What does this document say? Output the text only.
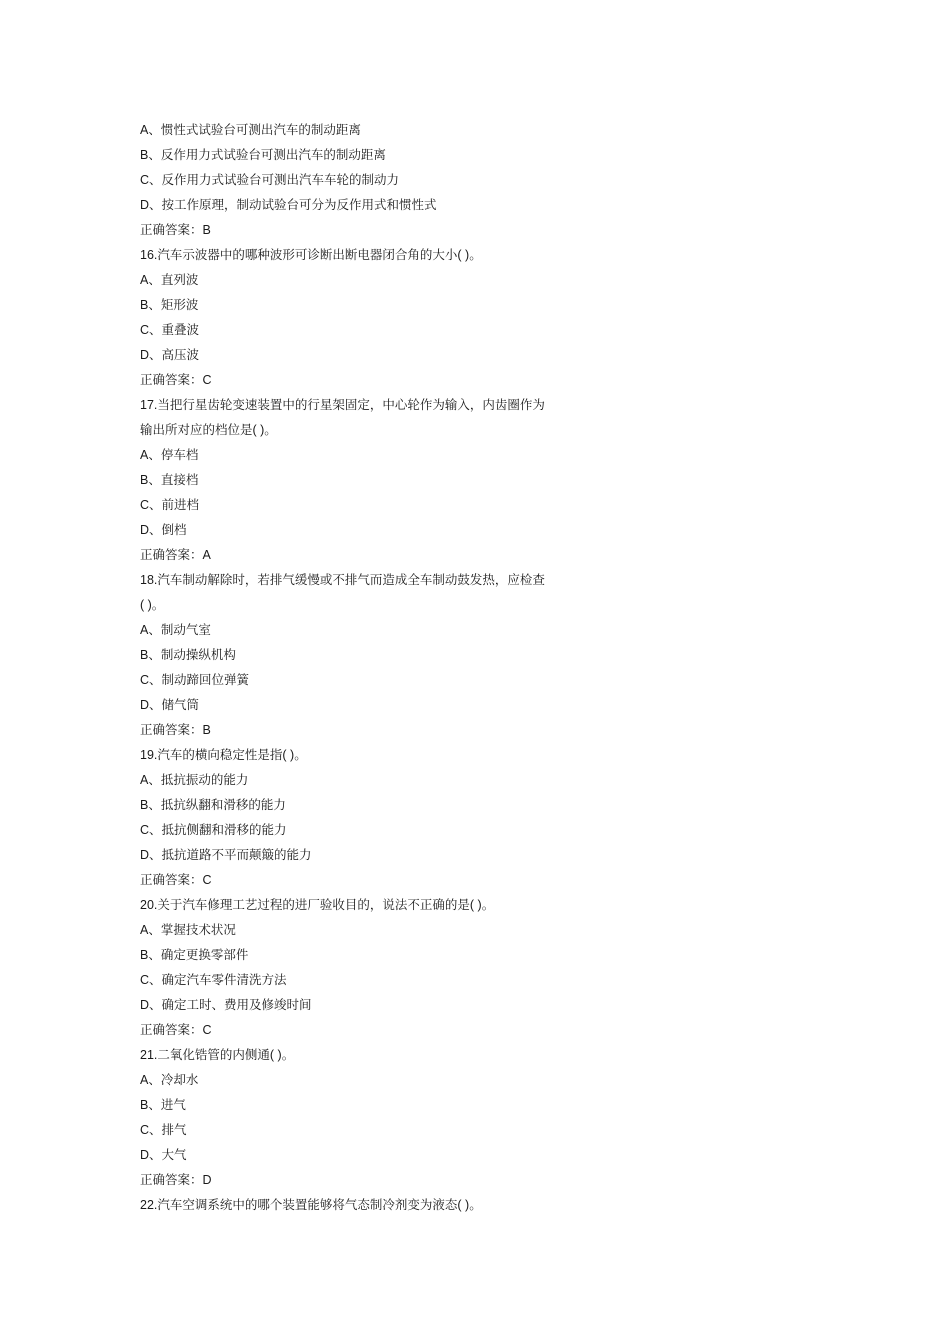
A、惯性式试验台可测出汽车的制动距离
B、反作用力式试验台可测出汽车的制动距离
C、反作用力式试验台可测出汽车车轮的制动力
D、按工作原理，制动试验台可分为反作用式和惯性式
正确答案：B
16.汽车示波器中的哪种波形可诊断出断电器闭合角的大小( )。
A、直列波
B、矩形波
C、重叠波
D、高压波
正确答案：C
17.当把行星齿轮变速装置中的行星架固定，中心轮作为输入，内齿圈作为输出所对应的档位是( )。
A、停车档
B、直接档
C、前进档
D、倒档
正确答案：A
18.汽车制动解除时，若排气缓慢或不排气而造成全车制动鼓发热，应检查( )。
A、制动气室
B、制动操纵机构
C、制动蹄回位弹簧
D、储气筒
正确答案：B
19.汽车的横向稳定性是指( )。
A、抵抗振动的能力
B、抵抗纵翻和滑移的能力
C、抵抗侧翻和滑移的能力
D、抵抗道路不平而颠簸的能力
正确答案：C
20.关于汽车修理工艺过程的进厂验收目的，说法不正确的是( )。
A、掌握技术状况
B、确定更换零部件
C、确定汽车零件清洗方法
D、确定工时、费用及修竣时间
正确答案：C
21.二氧化锆管的内侧通( )。
A、冷却水
B、进气
C、排气
D、大气
正确答案：D
22.汽车空调系统中的哪个装置能够将气态制冷剂变为液态( )。
